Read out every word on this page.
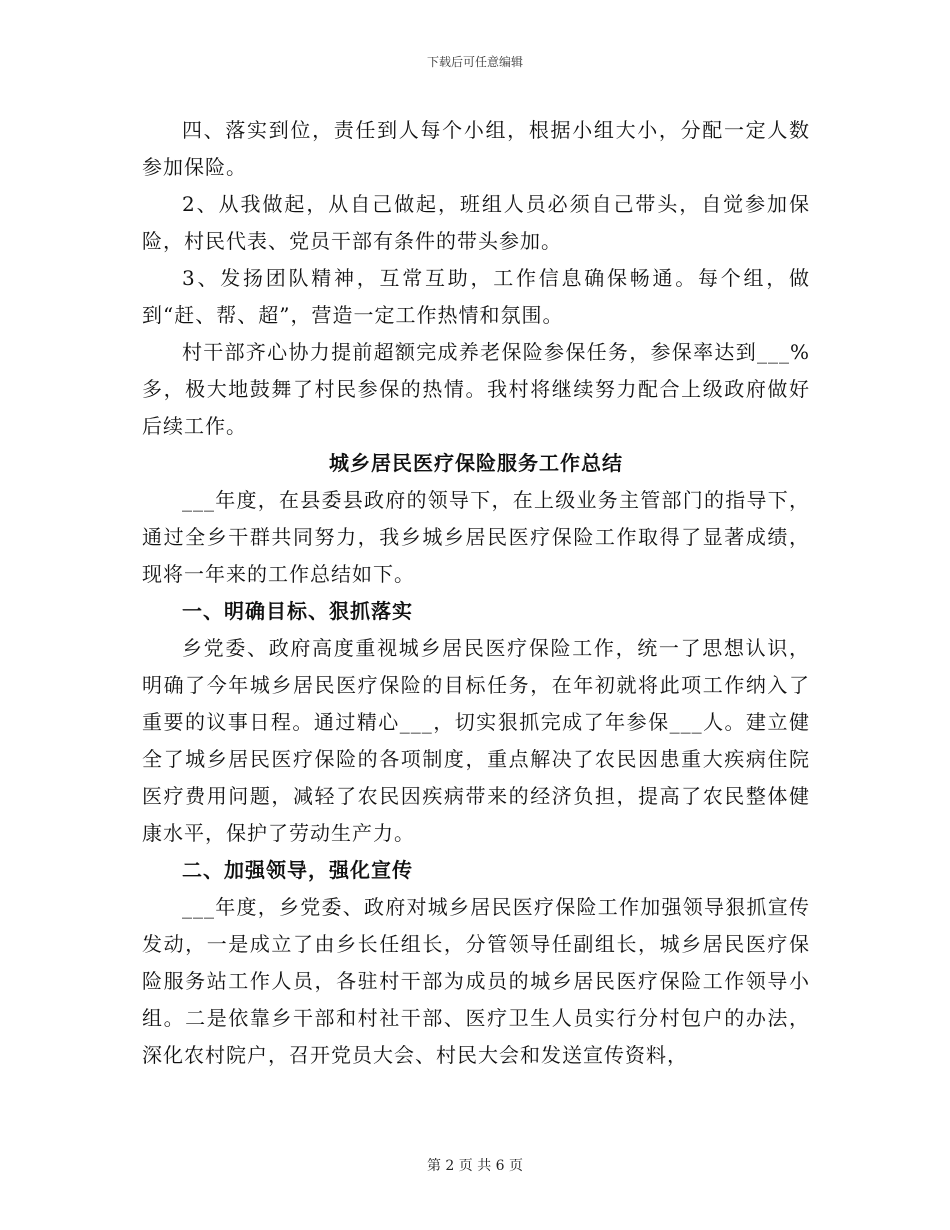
下载后可任意编辑

四、落实到位，责任到人每个小组，根据小组大小，分配一定人数参加保险。

2、从我做起，从自己做起，班组人员必须自己带头，自觉参加保险，村民代表、党员干部有条件的带头参加。

3、发扬团队精神，互常互助，工作信息确保畅通。每个组，做到“赶、帮、超”，营造一定工作热情和氛围。

村干部齐心协力提前超额完成养老保险参保任务，参保率达到___%多，极大地鼓舞了村民参保的热情。我村将继续努力配合上级政府做好后续工作。

城乡居民医疗保险服务工作总结

___年度，在县委县政府的领导下，在上级业务主管部门的指导下，通过全乡干群共同努力，我乡城乡居民医疗保险工作取得了显著成绩，现将一年来的工作总结如下。

一、明确目标、狠抓落实

乡党委、政府高度重视城乡居民医疗保险工作，统一了思想认识，明确了今年城乡居民医疗保险的目标任务，在年初就将此项工作纳入了重要的议事日程。通过精心___，切实狠抓完成了年参保___人。建立健全了城乡居民医疗保险的各项制度，重点解决了农民因患重大疾病住院医疗费用问题，减轻了农民因疾病带来的经济负担，提高了农民整体健康水平，保护了劳动生产力。

二、加强领导，强化宣传

___年度，乡党委、政府对城乡居民医疗保险工作加强领导狠抓宣传发动，一是成立了由乡长任组长，分管领导任副组长，城乡居民医疗保险服务站工作人员，各驻村干部为成员的城乡居民医疗保险工作领导小组。二是依靠乡干部和村社干部、医疗卫生人员实行分村包户的办法，深化农村院户，召开党员大会、村民大会和发送宣传资料，

第 2 页 共 6 页
